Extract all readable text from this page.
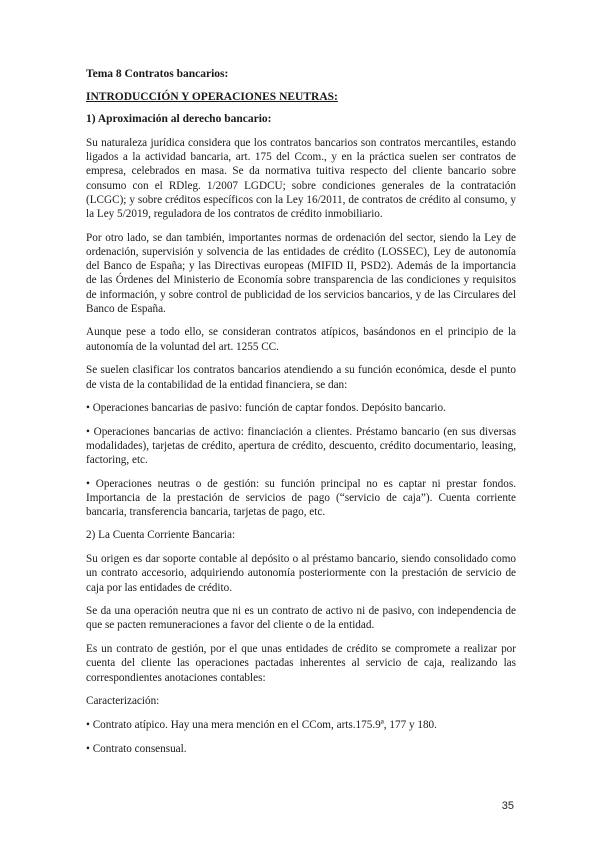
Tema 8 Contratos bancarios:
INTRODUCCIÓN Y OPERACIONES NEUTRAS:
1) Aproximación al derecho bancario:

Su naturaleza jurídica considera que los contratos bancarios son contratos mercantiles, estando ligados a la actividad bancaria, art. 175 del Ccom., y en la práctica suelen ser contratos de empresa, celebrados en masa. Se da normativa tuitiva respecto del cliente bancario sobre consumo con el RDleg. 1/2007 LGDCU; sobre condiciones generales de la contratación (LCGC); y sobre créditos específicos con la Ley 16/2011, de contratos de crédito al consumo, y la Ley 5/2019, reguladora de los contratos de crédito inmobiliario.

Por otro lado, se dan también, importantes normas de ordenación del sector, siendo la Ley de ordenación, supervisión y solvencia de las entidades de crédito (LOSSEC), Ley de autonomía del Banco de España; y las Directivas europeas (MIFID II, PSD2). Además de la importancia de las Órdenes del Ministerio de Economía sobre transparencia de las condiciones y requisitos de información, y sobre control de publicidad de los servicios bancarios, y de las Circulares del Banco de España.

Aunque pese a todo ello, se consideran contratos atípicos, basándonos en el principio de la autonomía de la voluntad del art. 1255 CC.

Se suelen clasificar los contratos bancarios atendiendo a su función económica, desde el punto de vista de la contabilidad de la entidad financiera, se dan:

• Operaciones bancarias de pasivo: función de captar fondos. Depósito bancario.

• Operaciones bancarias de activo: financiación a clientes. Préstamo bancario (en sus diversas modalidades), tarjetas de crédito, apertura de crédito, descuento, crédito documentario, leasing, factoring, etc.

• Operaciones neutras o de gestión: su función principal no es captar ni prestar fondos. Importancia de la prestación de servicios de pago (“servicio de caja”). Cuenta corriente bancaria, transferencia bancaria, tarjetas de pago, etc.

2) La Cuenta Corriente Bancaria:

Su origen es dar soporte contable al depósito o al préstamo bancario, siendo consolidado como un contrato accesorio, adquiriendo autonomía posteriormente con la prestación de servicio de caja por las entidades de crédito.

Se da una operación neutra que ni es un contrato de activo ni de pasivo, con independencia de que se pacten remuneraciones a favor del cliente o de la entidad.

Es un contrato de gestión, por el que unas entidades de crédito se compromete a realizar por cuenta del cliente las operaciones pactadas inherentes al servicio de caja, realizando las correspondientes anotaciones contables:

Caracterización:

• Contrato atípico. Hay una mera mención en el CCom, arts.175.9ª, 177 y 180.

• Contrato consensual.

35
